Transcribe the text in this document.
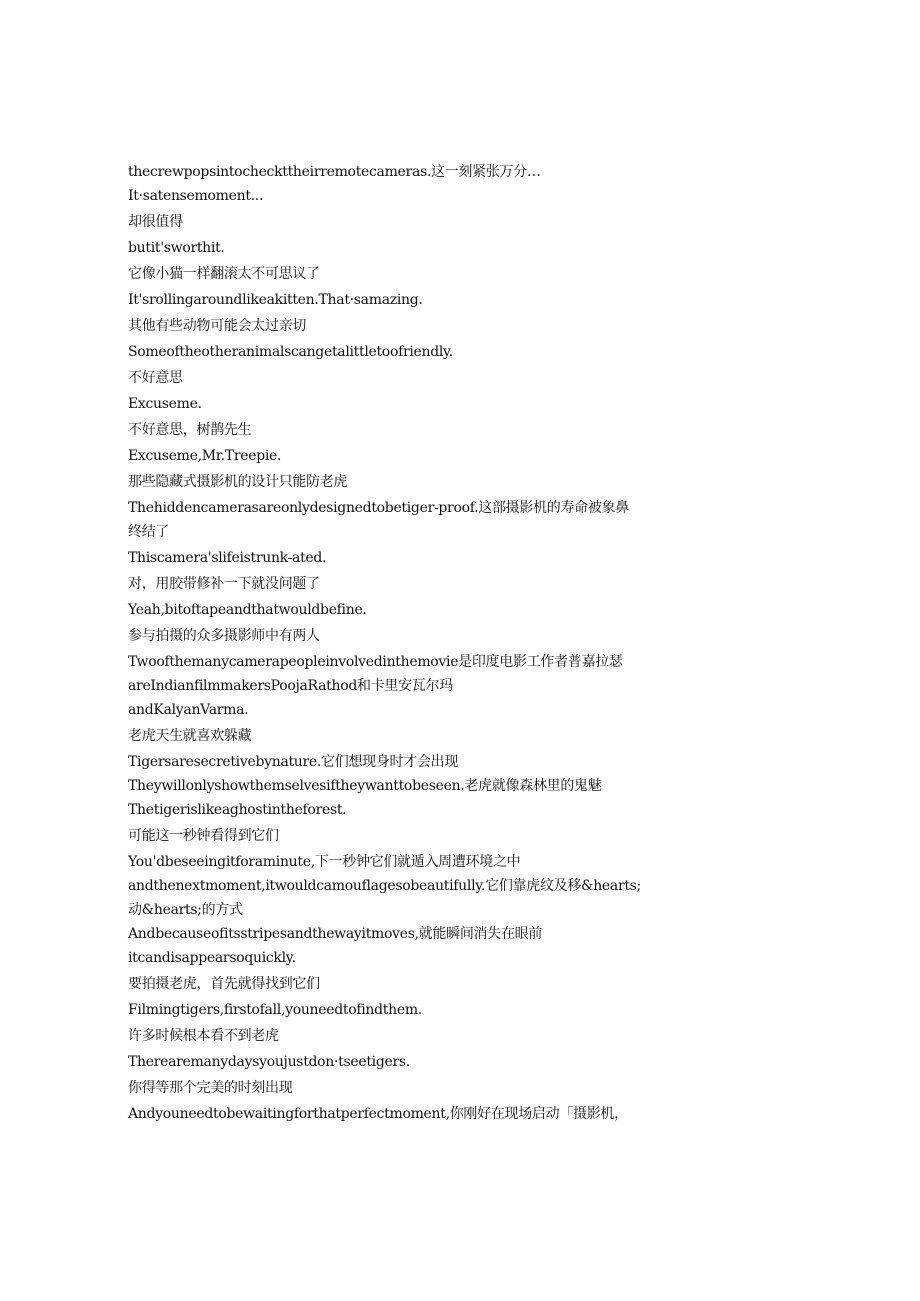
thecrewpopsintocheckttheirremotecameras.这一刻紧张万分…
It·satensemoment...
却很值得
butit'sworthit.
它像小猫一样翻滚太不可思议了
It'srollingaroundlikeakitten.That·samazing.
其他有些动物可能会太过亲切
Someoftheotheranimalscangetalittletoofriendly.
不好意思
Excuseme.
不好意思，树鹊先生
Excuseme,Mr.Treepie.
那些隐藏式摄影机的设计只能防老虎
Thehiddencamerasareonlydesignedtobetiger-proof.这部摄影机的寿命被象鼻
终结了
Thiscamera'slifeistrunk-ated.
对，用胶带修补一下就没问题了
Yeah,bitoftapeandthatwouldbefine.
参与拍摄的众多摄影师中有两人
Twoofthemanycamerapeopleinvolvedinthemovie是印度电影工作者普嘉拉瑟
areIndianfilmmakersPoojaRathod和卡里安瓦尔玛
andKalyanVarma.
老虎天生就喜欢躲藏
Tigersaresecretivebynature.它们想现身时才会出现
Theywillonlyshowthemselvesiftheywanttobeseen.老虎就像森林里的鬼魅
Thetigerislikeaghostintheforest.
可能这一秒钟看得到它们
You'dbeseeingitforaminute,下一秒钟它们就遁入周遭环境之中
andthenextmoment,itwouldcamouflagesobeautifully.它们靠虎纹及移&hearts;
动&hearts;的方式
Andbecauseofitsstripesandthewayitmoves,就能瞬间消失在眼前
itcandisappearsoquickly.
要拍摄老虎，首先就得找到它们
Filmingtigers,firstofall,youneedtofindthem.
许多时候根本看不到老虎
Therearemanydaysyoujustdon·tseetigers.
你得等那个完美的时刻出现
Andyouneedtobewaitingforthatperfectmoment,你刚好在现场启动「摄影机，
